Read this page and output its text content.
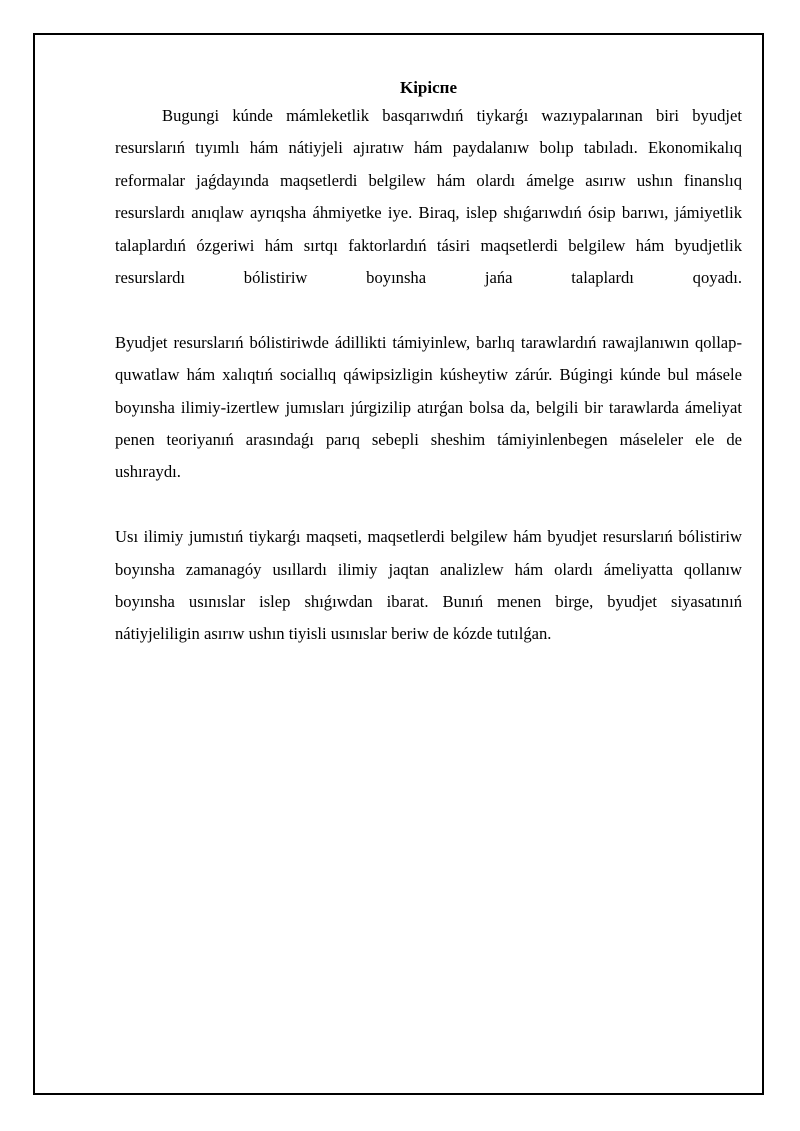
Kipicпe

Bugungi kúnde mámleketlik basqarıwdıń tiykarǵı wazıypalarınan biri byudjet resurslarıń tıyımlı hám nátiyjeli ajıratıw hám paydalanıw bolıp tabıladı. Ekonomikalıq reformalar jaǵdayında maqsetlerdi belgilew hám olardı ámelge asırıw ushın finanslıq resurslardı anıqlaw ayrıqsha áhmiyetke iye. Biraq, islep shıǵarıwdıń ósip barıwı, jámiyetlik talaplardıń ózgeriwi hám sırtqı faktorlardıń tásiri maqsetlerdi belgilew hám byudjetlik resurslardı bólistiriw boyınsha jańa talaplardı qoyadı.

Byudjet resurslarıń bólistiriwde ádillikti támiyinlew, barlıq tarawlardıń rawajlanıwın qollap-quwatlaw hám xalıqtıń sociallıq qáwipsizligin kúsheytiw zárúr. Búgingi kúnde bul másele boyınsha ilimiy-izertlew jumısları júrgizilip atırǵan bolsa da, belgili bir tarawlarda ámeliyat penen teoriyanıń arasındaǵı parıq sebepli sheshim támiyinlenbegen máseleler ele de ushıraydı.

Usı ilimiy jumıstıń tiykarǵı maqseti, maqsetlerdi belgilew hám byudjet resurslarıń bólistiriw boyınsha zamanagóy usıllardı ilimiy jaqtan analizlew hám olardı ámeliyatta qollanıw boyınsha usınıslar islep shıǵıwdan ibarat. Bunıń menen birge, byudjet siyasatınıń nátiyjeliligin asırıw ushın tiyisli usınıslar beriw de kózde tutılǵan.
